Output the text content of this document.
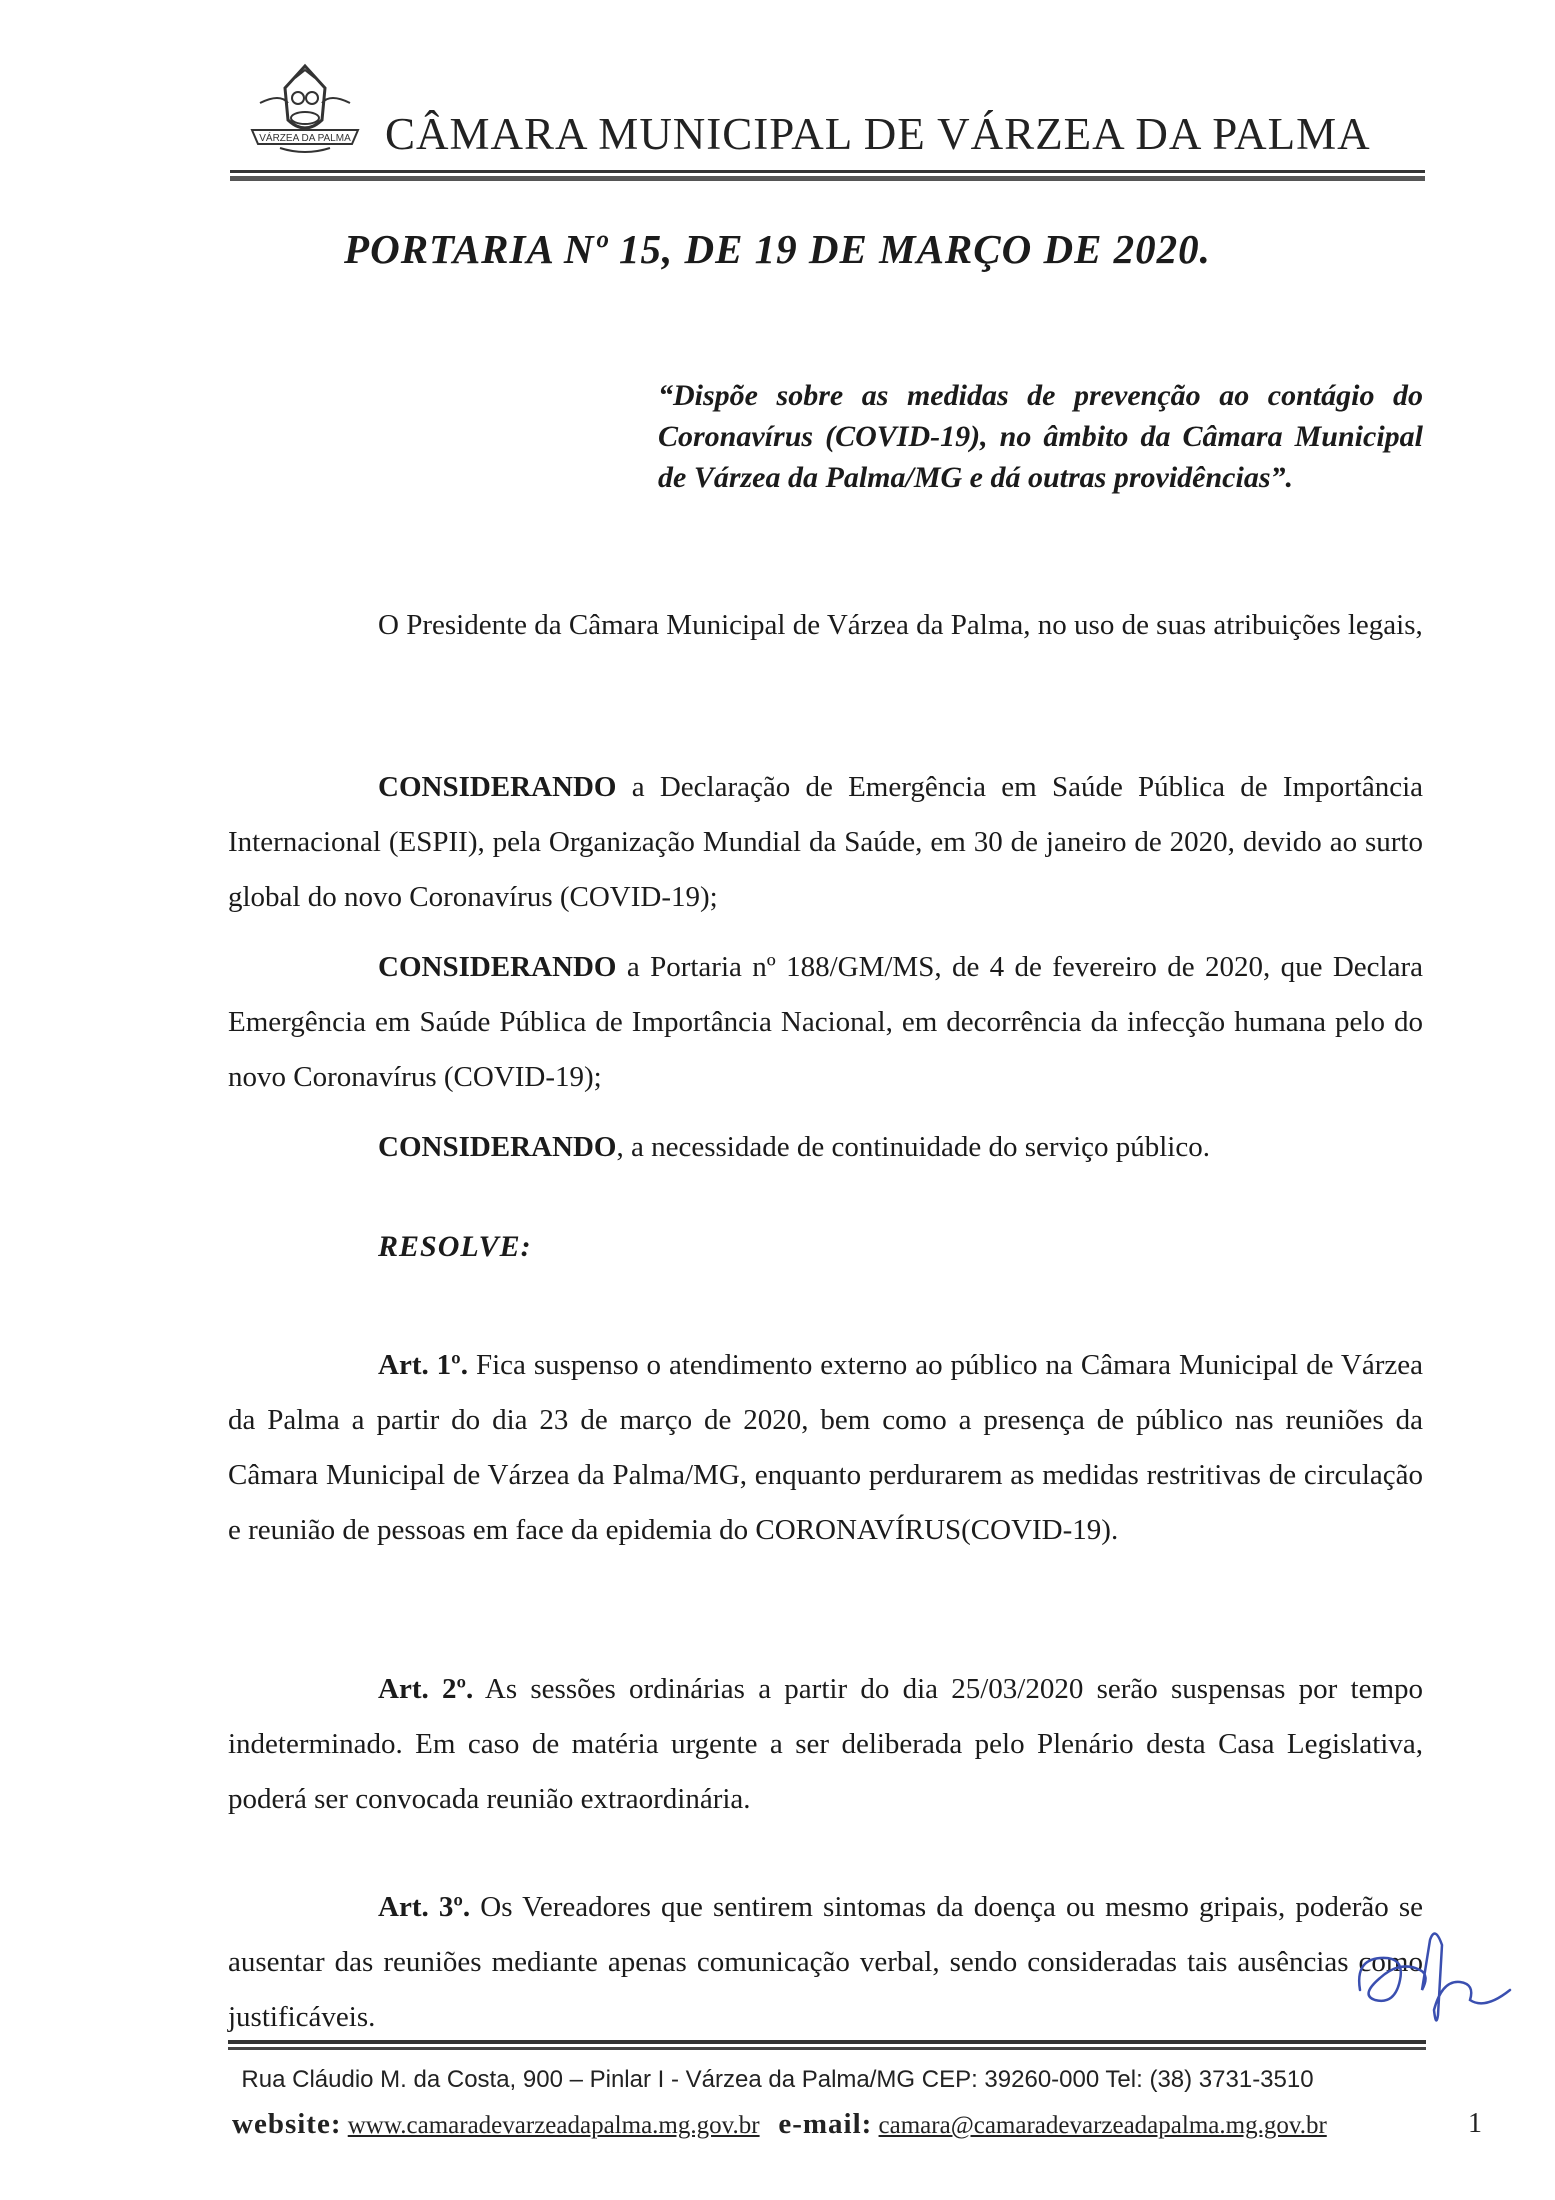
VÁRZEA DA PALMA CÂMARA MUNICIPAL DE VÁRZEA DA PALMA
PORTARIA Nº 15, DE 19 DE MARÇO DE 2020.
“Dispõe sobre as medidas de prevenção ao contágio do Coronavírus (COVID-19), no âmbito da Câmara Municipal de Várzea da Palma/MG e dá outras providências”.
O Presidente da Câmara Municipal de Várzea da Palma, no uso de suas atribuições legais,
CONSIDERANDO a Declaração de Emergência em Saúde Pública de Importância Internacional (ESPII), pela Organização Mundial da Saúde, em 30 de janeiro de 2020, devido ao surto global do novo Coronavírus (COVID-19);
CONSIDERANDO a Portaria nº 188/GM/MS, de 4 de fevereiro de 2020, que Declara Emergência em Saúde Pública de Importância Nacional, em decorrência da infecção humana pelo do novo Coronavírus (COVID-19);
CONSIDERANDO, a necessidade de continuidade do serviço público.
RESOLVE:
Art. 1º. Fica suspenso o atendimento externo ao público na Câmara Municipal de Várzea da Palma a partir do dia 23 de março de 2020, bem como a presença de público nas reuniões da Câmara Municipal de Várzea da Palma/MG, enquanto perdurarem as medidas restritivas de circulação e reunião de pessoas em face da epidemia do CORONAVÍRUS(COVID-19).
Art. 2º. As sessões ordinárias a partir do dia 25/03/2020 serão suspensas por tempo indeterminado. Em caso de matéria urgente a ser deliberada pelo Plenário desta Casa Legislativa, poderá ser convocada reunião extraordinária.
Art. 3º. Os Vereadores que sentirem sintomas da doença ou mesmo gripais, poderão se ausentar das reuniões mediante apenas comunicação verbal, sendo consideradas tais ausências como justificáveis.
Rua Cláudio M. da Costa, 900 – Pinlar I - Várzea da Palma/MG CEP: 39260-000 Tel: (38) 3731-3510
website: www.camaradevarzeadapalma.mg.gov.br e-mail: camara@camaradevarzeadapalma.mg.gov.br	1
